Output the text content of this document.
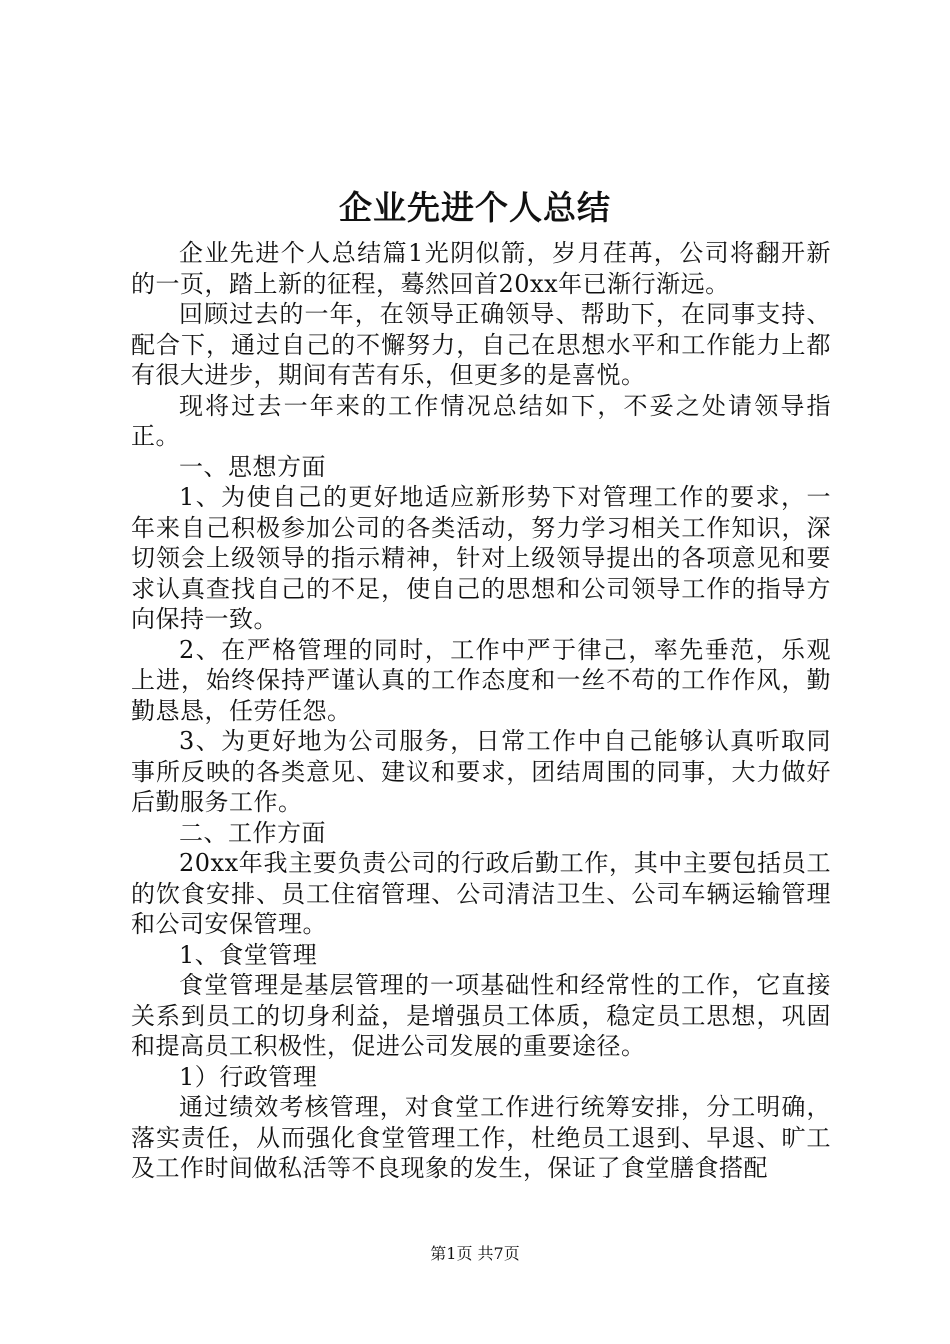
企业先进个人总结

企业先进个人总结篇1光阴似箭，岁月荏苒，公司将翻开新的一页，踏上新的征程，蓦然回首20xx年已渐行渐远。

回顾过去的一年，在领导正确领导、帮助下，在同事支持、配合下，通过自己的不懈努力，自己在思想水平和工作能力上都有很大进步，期间有苦有乐，但更多的是喜悦。

现将过去一年来的工作情况总结如下，不妥之处请领导指正。

一、思想方面

1、为使自己的更好地适应新形势下对管理工作的要求，一年来自己积极参加公司的各类活动，努力学习相关工作知识，深切领会上级领导的指示精神，针对上级领导提出的各项意见和要求认真查找自己的不足，使自己的思想和公司领导工作的指导方向保持一致。

2、在严格管理的同时，工作中严于律己，率先垂范，乐观上进，始终保持严谨认真的工作态度和一丝不苟的工作作风，勤勤恳恳，任劳任怨。

3、为更好地为公司服务，日常工作中自己能够认真听取同事所反映的各类意见、建议和要求，团结周围的同事，大力做好后勤服务工作。

二、工作方面

20xx年我主要负责公司的行政后勤工作，其中主要包括员工的饮食安排、员工住宿管理、公司清洁卫生、公司车辆运输管理和公司安保管理。

1、食堂管理

食堂管理是基层管理的一项基础性和经常性的工作，它直接关系到员工的切身利益，是增强员工体质，稳定员工思想，巩固和提高员工积极性，促进公司发展的重要途径。

1）行政管理

通过绩效考核管理，对食堂工作进行统筹安排，分工明确，落实责任，从而强化食堂管理工作，杜绝员工退到、早退、旷工及工作时间做私活等不良现象的发生，保证了食堂膳食搭配

第1页 共7页
